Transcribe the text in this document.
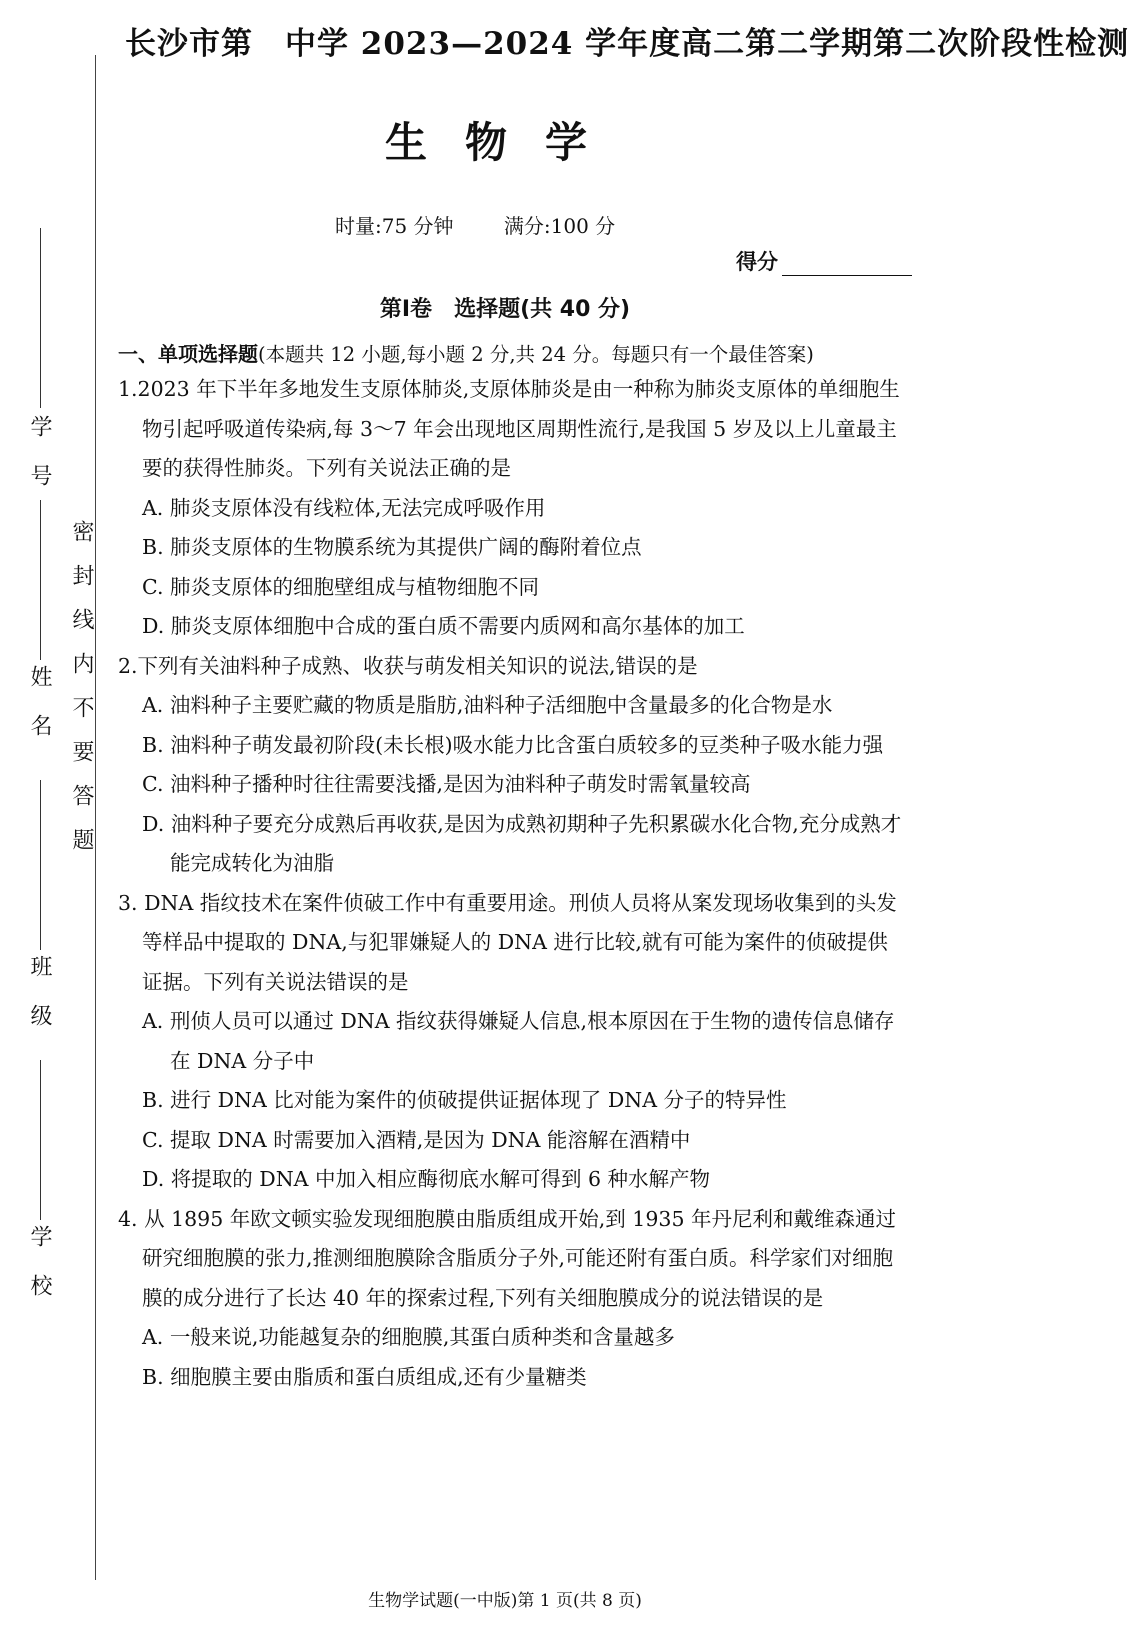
学 号
姓 名
班 级
学 校
密封线内不要答题
长沙市第　中学 2023—2024 学年度高二第二学期第二次阶段性检测
生物学
时量:75 分钟	满分:100 分
得分
第Ⅰ卷 选择题(共 40 分)
一、单项选择题(本题共 12 小题,每小题 2 分,共 24 分。每题只有一个最佳答案)
1.2023 年下半年多地发生支原体肺炎,支原体肺炎是由一种称为肺炎支原体的单细胞生物引起呼吸道传染病,每 3～7 年会出现地区周期性流行,是我国 5 岁及以上儿童最主要的获得性肺炎。下列有关说法正确的是
A. 肺炎支原体没有线粒体,无法完成呼吸作用
B. 肺炎支原体的生物膜系统为其提供广阔的酶附着位点
C. 肺炎支原体的细胞壁组成与植物细胞不同
D. 肺炎支原体细胞中合成的蛋白质不需要内质网和高尔基体的加工
2.下列有关油料种子成熟、收获与萌发相关知识的说法,错误的是
A. 油料种子主要贮藏的物质是脂肪,油料种子活细胞中含量最多的化合物是水
B. 油料种子萌发最初阶段(未长根)吸水能力比含蛋白质较多的豆类种子吸水能力强
C. 油料种子播种时往往需要浅播,是因为油料种子萌发时需氧量较高
D. 油料种子要充分成熟后再收获,是因为成熟初期种子先积累碳水化合物,充分成熟才能完成转化为油脂
3. DNA 指纹技术在案件侦破工作中有重要用途。刑侦人员将从案发现场收集到的头发等样品中提取的 DNA,与犯罪嫌疑人的 DNA 进行比较,就有可能为案件的侦破提供证据。下列有关说法错误的是
A. 刑侦人员可以通过 DNA 指纹获得嫌疑人信息,根本原因在于生物的遗传信息储存在 DNA 分子中
B. 进行 DNA 比对能为案件的侦破提供证据体现了 DNA 分子的特异性
C. 提取 DNA 时需要加入酒精,是因为 DNA 能溶解在酒精中
D. 将提取的 DNA 中加入相应酶彻底水解可得到 6 种水解产物
4. 从 1895 年欧文顿实验发现细胞膜由脂质组成开始,到 1935 年丹尼利和戴维森通过研究细胞膜的张力,推测细胞膜除含脂质分子外,可能还附有蛋白质。科学家们对细胞膜的成分进行了长达 40 年的探索过程,下列有关细胞膜成分的说法错误的是
A. 一般来说,功能越复杂的细胞膜,其蛋白质种类和含量越多
B. 细胞膜主要由脂质和蛋白质组成,还有少量糖类
生物学试题(一中版)第 1 页(共 8 页)
